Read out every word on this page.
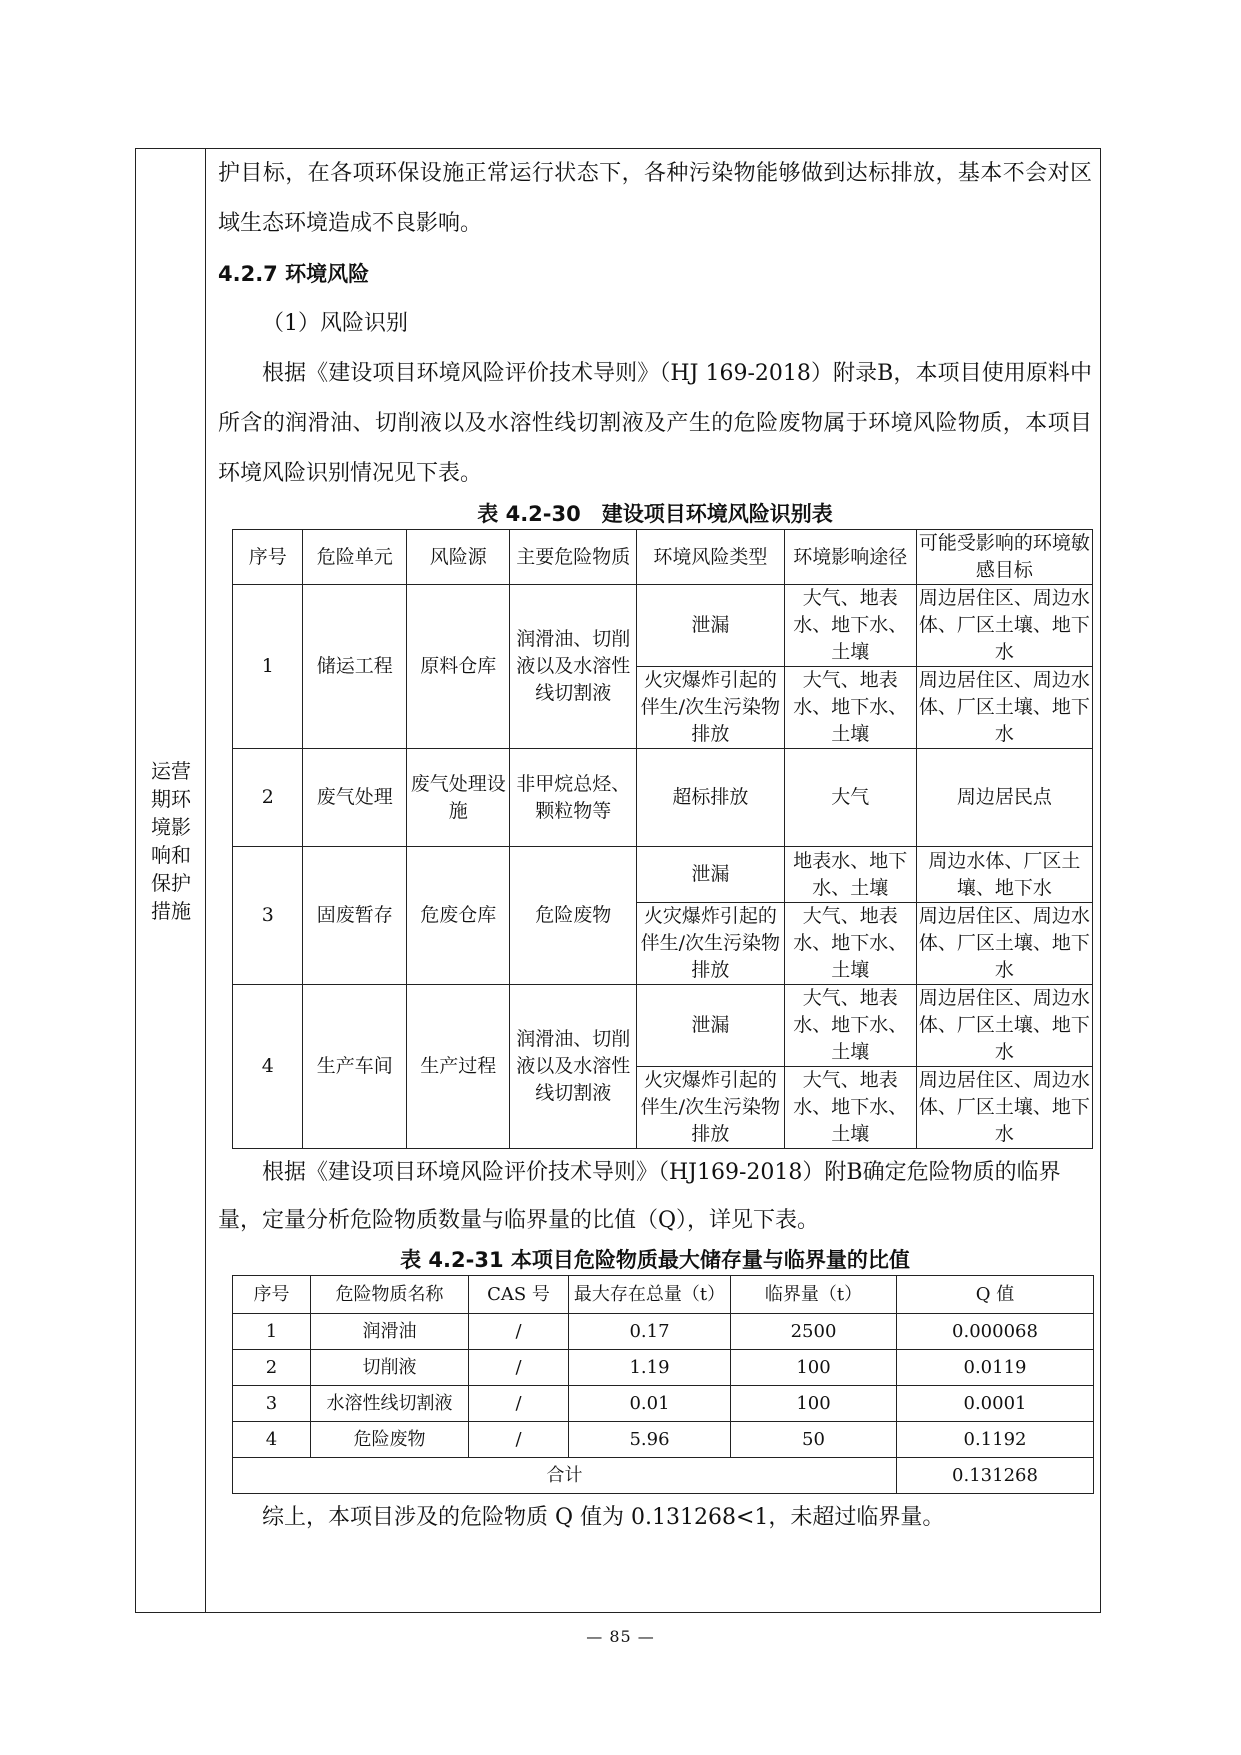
运营期环境影响和保护措施

护目标，在各项环保设施正常运行状态下，各种污染物能够做到达标排放，基本不会对区域生态环境造成不良影响。

4.2.7 环境风险

（1）风险识别

根据《建设项目环境风险评价技术导则》（HJ 169-2018）附录B，本项目使用原料中所含的润滑油、切削液以及水溶性线切割液及产生的危险废物属于环境风险物质，本项目环境风险识别情况见下表。

表 4.2-30　建设项目环境风险识别表

序号	危险单元	风险源	主要危险物质	环境风险类型	环境影响途径	可能受影响的环境敏感目标
1	储运工程	原料仓库	润滑油、切削液以及水溶性线切割液	泄漏	大气、地表水、地下水、土壤	周边居住区、周边水体、厂区土壤、地下水
				火灾爆炸引起的伴生/次生污染物排放	大气、地表水、地下水、土壤	周边居住区、周边水体、厂区土壤、地下水
2	废气处理	废气处理设施	非甲烷总烃、颗粒物等	超标排放	大气	周边居民点
3	固废暂存	危废仓库	危险废物	泄漏	地表水、地下水、土壤	周边水体、厂区土壤、地下水
				火灾爆炸引起的伴生/次生污染物排放	大气、地表水、地下水、土壤	周边居住区、周边水体、厂区土壤、地下水
4	生产车间	生产过程	润滑油、切削液以及水溶性线切割液	泄漏	大气、地表水、地下水、土壤	周边居住区、周边水体、厂区土壤、地下水
				火灾爆炸引起的伴生/次生污染物排放	大气、地表水、地下水、土壤	周边居住区、周边水体、厂区土壤、地下水

根据《建设项目环境风险评价技术导则》（HJ169-2018）附B确定危险物质的临界量，定量分析危险物质数量与临界量的比值（Q），详见下表。

表 4.2-31 本项目危险物质最大储存量与临界量的比值

序号	危险物质名称	CAS 号	最大存在总量（t）	临界量（t）	Q 值
1	润滑油	/	0.17	2500	0.000068
2	切削液	/	1.19	100	0.0119
3	水溶性线切割液	/	0.01	100	0.0001
4	危险废物	/	5.96	50	0.1192
合计					0.131268

综上，本项目涉及的危险物质 Q 值为 0.131268<1，未超过临界量。

— 85 —
